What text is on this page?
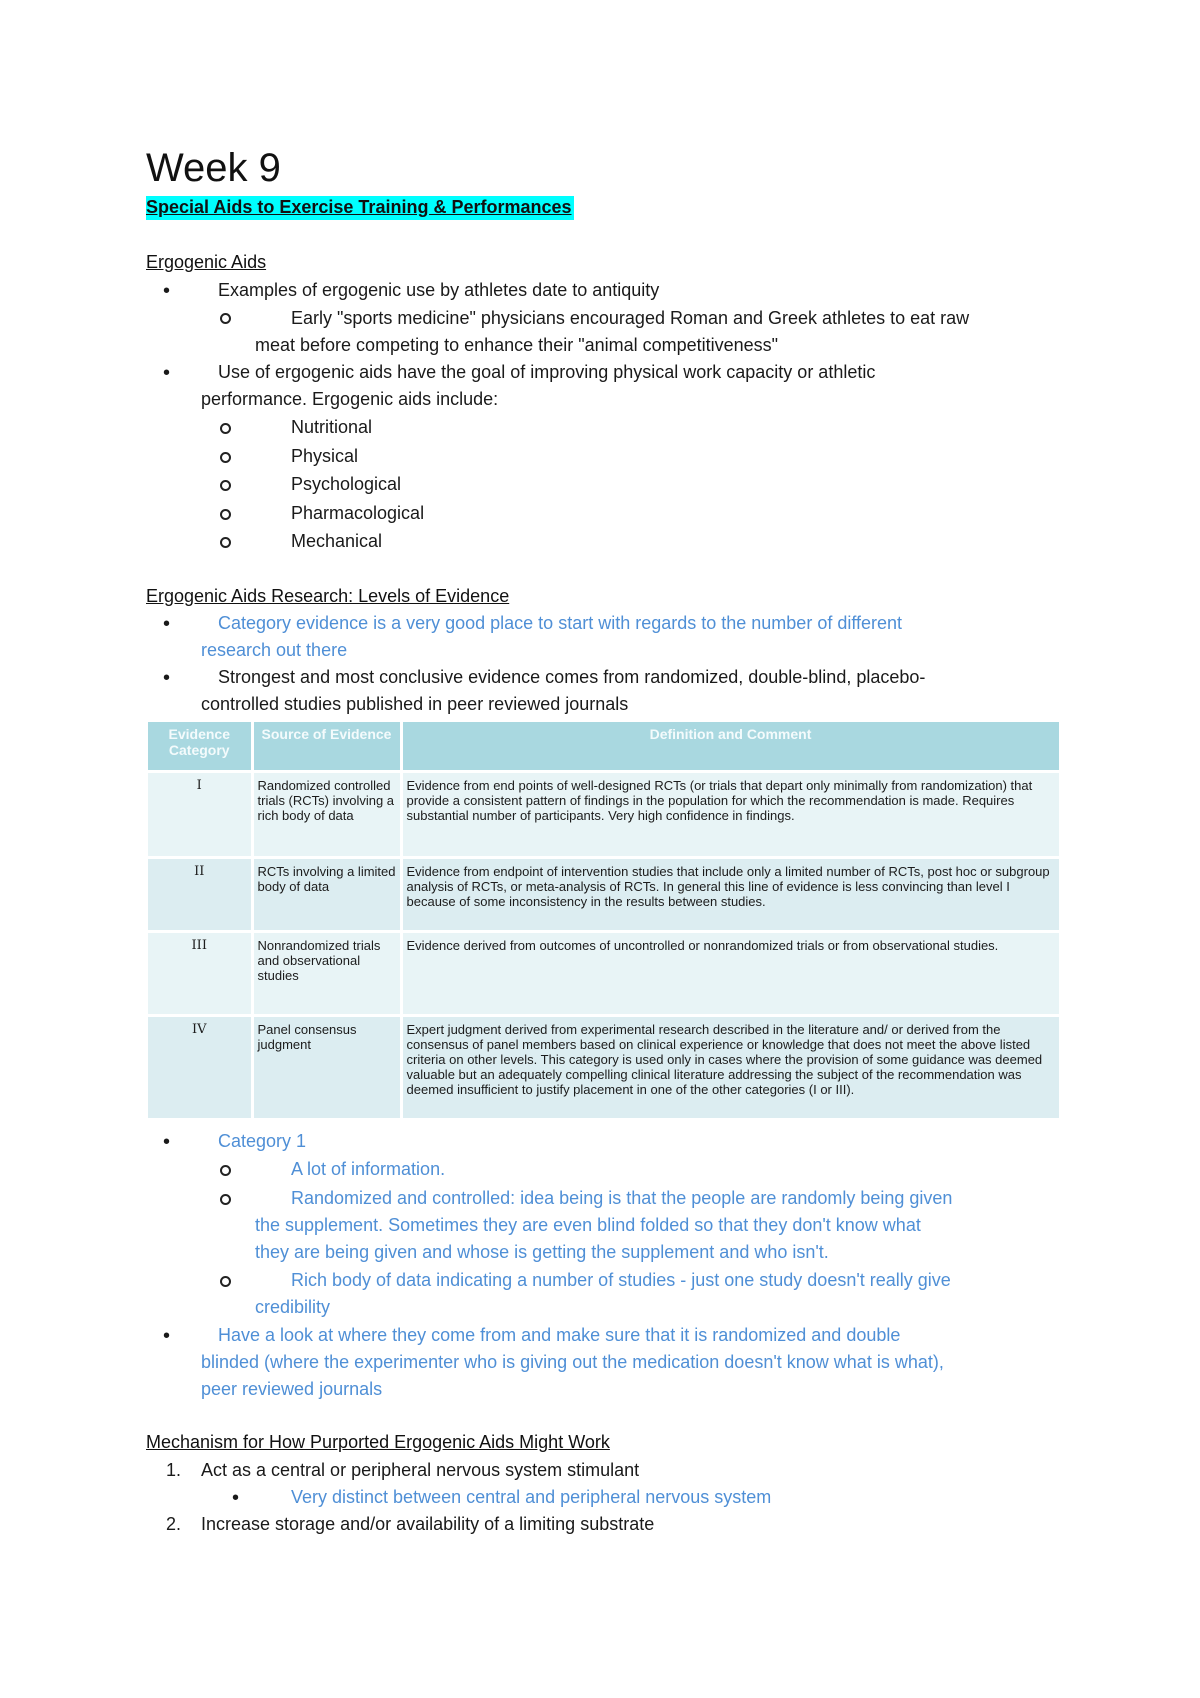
Week 9
Special Aids to Exercise Training & Performances
Ergogenic Aids
•	Examples of ergogenic use by athletes date to antiquity
Early "sports medicine" physicians encouraged Roman and Greek athletes to eat raw
meat before competing to enhance their "animal competitiveness"
•	Use of ergogenic aids have the goal of improving physical work capacity or athletic
performance. Ergogenic aids include:
Nutritional
Physical
Psychological
Pharmacological
Mechanical
Ergogenic Aids Research: Levels of Evidence
•	Category evidence is a very good place to start with regards to the number of different
research out there
•	Strongest and most conclusive evidence comes from randomized, double-blind, placebo-
controlled studies published in peer reviewed journals
Evidence Category	Source of Evidence	Definition and Comment
I	Randomized controlled trials (RCTs) involving a rich body of data	Evidence from end points of well-designed RCTs (or trials that depart only minimally from randomization) that provide a consistent pattern of findings in the population for which the recommendation is made. Requires substantial number of participants. Very high confidence in findings.
II	RCTs involving a limited body of data	Evidence from endpoint of intervention studies that include only a limited number of RCTs, post hoc or subgroup analysis of RCTs, or meta-analysis of RCTs. In general this line of evidence is less convincing than level I because of some inconsistency in the results between studies.
III	Nonrandomized trials and observational studies	Evidence derived from outcomes of uncontrolled or nonrandomized trials or from observational studies.
IV	Panel consensus judgment	Expert judgment derived from experimental research described in the literature and/ or derived from the consensus of panel members based on clinical experience or knowledge that does not meet the above listed criteria on other levels. This category is used only in cases where the provision of some guidance was deemed valuable but an adequately compelling clinical literature addressing the subject of the recommendation was deemed insufficient to justify placement in one of the other categories (I or III).
•	Category 1
A lot of information.
Randomized and controlled: idea being is that the people are randomly being given
the supplement. Sometimes they are even blind folded so that they don't know what
they are being given and whose is getting the supplement and who isn't.
Rich body of data indicating a number of studies - just one study doesn't really give
credibility
•	Have a look at where they come from and make sure that it is randomized and double
blinded (where the experimenter who is giving out the medication doesn't know what is what),
peer reviewed journals
Mechanism for How Purported Ergogenic Aids Might Work
1. Act as a central or peripheral nervous system stimulant
•	Very distinct between central and peripheral nervous system
2. Increase storage and/or availability of a limiting substrate
